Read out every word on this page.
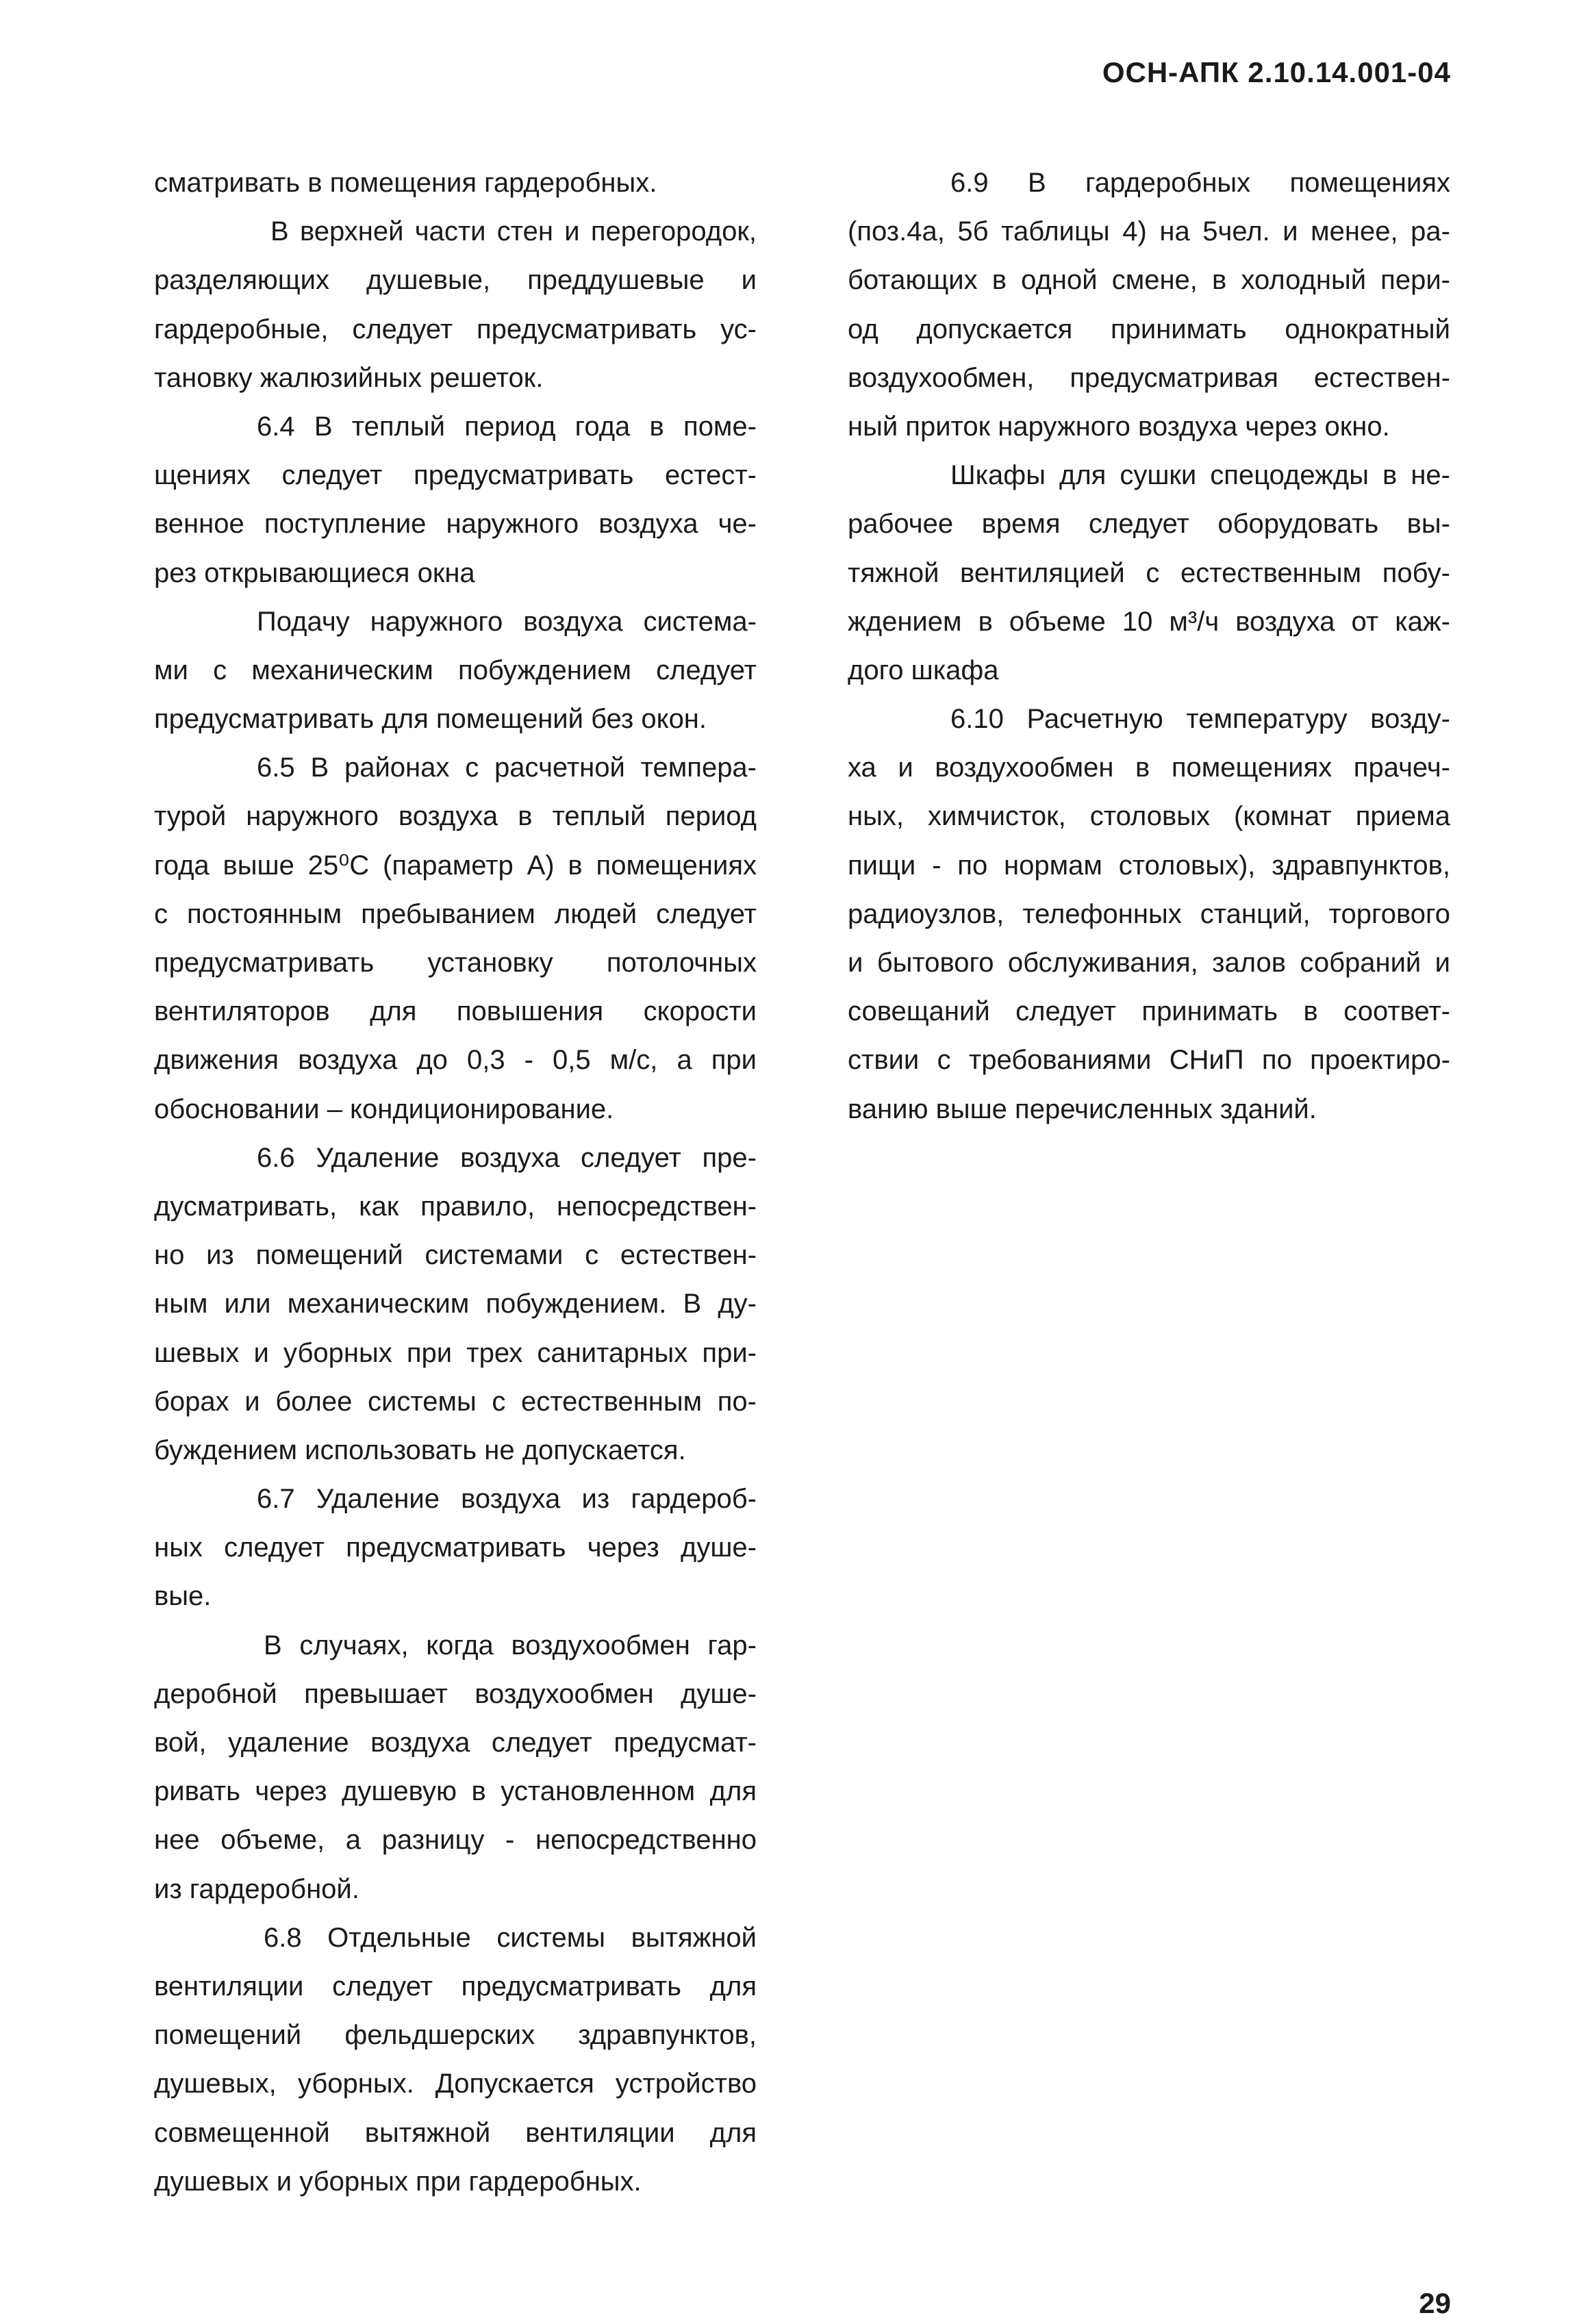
ОСН-АПК 2.10.14.001-04
сматривать в помещения гардеробных.
В верхней части стен и перегородок,
разделяющих душевые, преддушевые и
гардеробные, следует предусматривать ус-
тановку жалюзийных решеток.
6.4 В теплый период года в поме-
щениях следует предусматривать естест-
венное поступление наружного воздуха че-
рез открывающиеся окна
Подачу наружного воздуха система-
ми с механическим побуждением следует
предусматривать для помещений без окон.
6.5 В районах с расчетной темпера-
турой наружного воздуха в теплый период
года выше 25⁰С (параметр А) в помещениях
с постоянным пребыванием людей следует
предусматривать установку потолочных
вентиляторов для повышения скорости
движения воздуха до 0,3 - 0,5 м/с, а при
обосновании – кондиционирование.
6.6 Удаление воздуха следует пре-
дусматривать, как правило, непосредствен-
но из помещений системами с естествен-
ным или механическим побуждением. В ду-
шевых и уборных при трех санитарных при-
борах и более системы с естественным по-
буждением использовать не допускается.
6.7 Удаление воздуха из гардероб-
ных следует предусматривать через душе-
вые.
В случаях, когда воздухообмен гар-
деробной превышает воздухообмен душе-
вой, удаление воздуха следует предусмат-
ривать через душевую в установленном для
нее объеме, а разницу - непосредственно
из гардеробной.
6.8 Отдельные системы вытяжной
вентиляции следует предусматривать для
помещений фельдшерских здравпунктов,
душевых, уборных. Допускается устройство
совмещенной вытяжной вентиляции для
душевых и уборных при гардеробных.
6.9 В гардеробных помещениях
(поз.4а, 5б таблицы 4) на 5чел. и менее, ра-
ботающих в одной смене, в холодный пери-
од допускается принимать однократный
воздухообмен, предусматривая естествен-
ный приток наружного воздуха через окно.
Шкафы для сушки спецодежды в не-
рабочее время следует оборудовать вы-
тяжной вентиляцией с естественным побу-
ждением в объеме 10 м³/ч воздуха от каж-
дого шкафа
6.10 Расчетную температуру возду-
ха и воздухообмен в помещениях прачеч-
ных, химчисток, столовых (комнат приема
пищи - по нормам столовых), здравпунктов,
радиоузлов, телефонных станций, торгового
и бытового обслуживания, залов собраний и
совещаний следует принимать в соответ-
ствии с требованиями СНиП по проектиро-
ванию выше перечисленных зданий.
29
